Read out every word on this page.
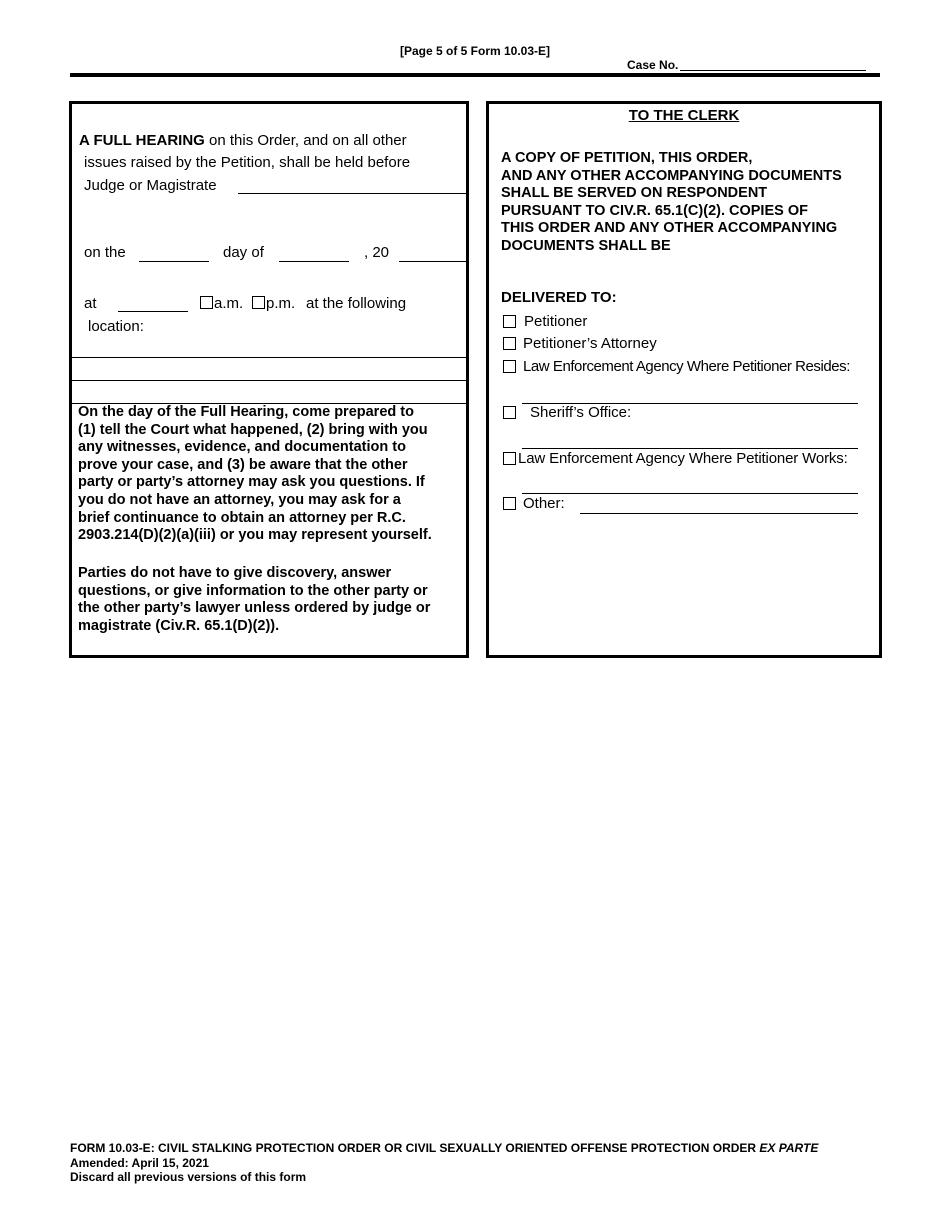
[Page 5 of 5 Form 10.03-E]
Case No.
A FULL HEARING on this Order, and on all other
issues raised by the Petition, shall be held before
Judge or Magistrate
on the	day of	, 20
at	a.m. p.m. at the following
location:
On the day of the Full Hearing, come prepared to
(1) tell the Court what happened, (2) bring with you
any witnesses, evidence, and documentation to
prove your case, and (3) be aware that the other
party or party’s attorney may ask you questions. If
you do not have an attorney, you may ask for a
brief continuance to obtain an attorney per R.C.
2903.214(D)(2)(a)(iii) or you may represent yourself.
Parties do not have to give discovery, answer
questions, or give information to the other party or
the other party’s lawyer unless ordered by judge or
magistrate (Civ.R. 65.1(D)(2)).
TO THE CLERK
A COPY OF PETITION, THIS ORDER,
AND ANY OTHER ACCOMPANYING DOCUMENTS
SHALL BE SERVED ON RESPONDENT
PURSUANT TO CIV.R. 65.1(C)(2). COPIES OF
THIS ORDER AND ANY OTHER ACCOMPANYING
DOCUMENTS SHALL BE
DELIVERED TO:
Petitioner
Petitioner’s Attorney
Law Enforcement Agency Where Petitioner Resides:
Sheriff’s Office:
Law Enforcement Agency Where Petitioner Works:
Other:
FORM 10.03-E: CIVIL STALKING PROTECTION ORDER OR CIVIL SEXUALLY ORIENTED OFFENSE PROTECTION ORDER EX PARTE
Amended: April 15, 2021
Discard all previous versions of this form
